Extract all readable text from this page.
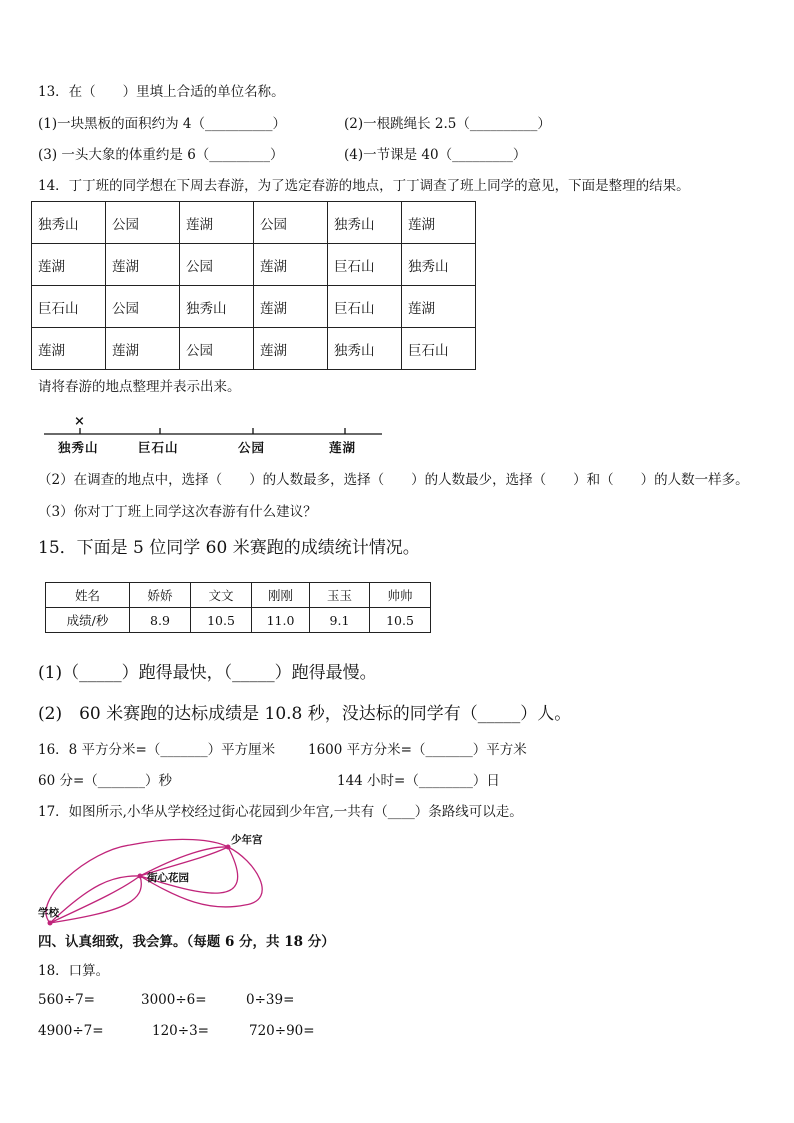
13．在（　　）里填上合适的单位名称。
(1)一块黑板的面积约为 4（__________）	(2)一根跳绳长 2.5（__________）
(3) 一头大象的体重约是 6（_________）	(4)一节课是 40（_________）
14．丁丁班的同学想在下周去春游，为了选定春游的地点，丁丁调查了班上同学的意见，下面是整理的结果。
独秀山	公园	莲湖	公园	独秀山	莲湖
莲湖	莲湖	公园	莲湖	巨石山	独秀山
巨石山	公园	独秀山	莲湖	巨石山	莲湖
莲湖	莲湖	公园	莲湖	独秀山	巨石山
请将春游的地点整理并表示出来。
×
独秀山	巨石山	公园	莲湖
（2）在调查的地点中，选择（　　）的人数最多，选择（　　）的人数最少，选择（　　）和（　　）的人数一样多。
（3）你对丁丁班上同学这次春游有什么建议？
15．下面是 5 位同学 60 米赛跑的成绩统计情况。
姓名	娇娇	文文	刚刚	玉玉	帅帅
成绩/秒	8.9	10.5	11.0	9.1	10.5
(1)（_____）跑得最快，（_____）跑得最慢。
(2)　60 米赛跑的达标成绩是 10.8 秒，没达标的同学有（_____）人。
16．8 平方分米=（_______）平方厘米 1600 平方分米=（_______）平方米
60 分=（_______）秒	144 小时=（________）日
17．如图所示,小华从学校经过街心花园到少年宫,一共有（____）条路线可以走。
少年宫
街心花园
学校
四、认真细致，我会算。（每题 6 分，共 18 分）
18．口算。
560÷7=	3000÷6=	0÷39=
4900÷7=	120÷3=	720÷90=
